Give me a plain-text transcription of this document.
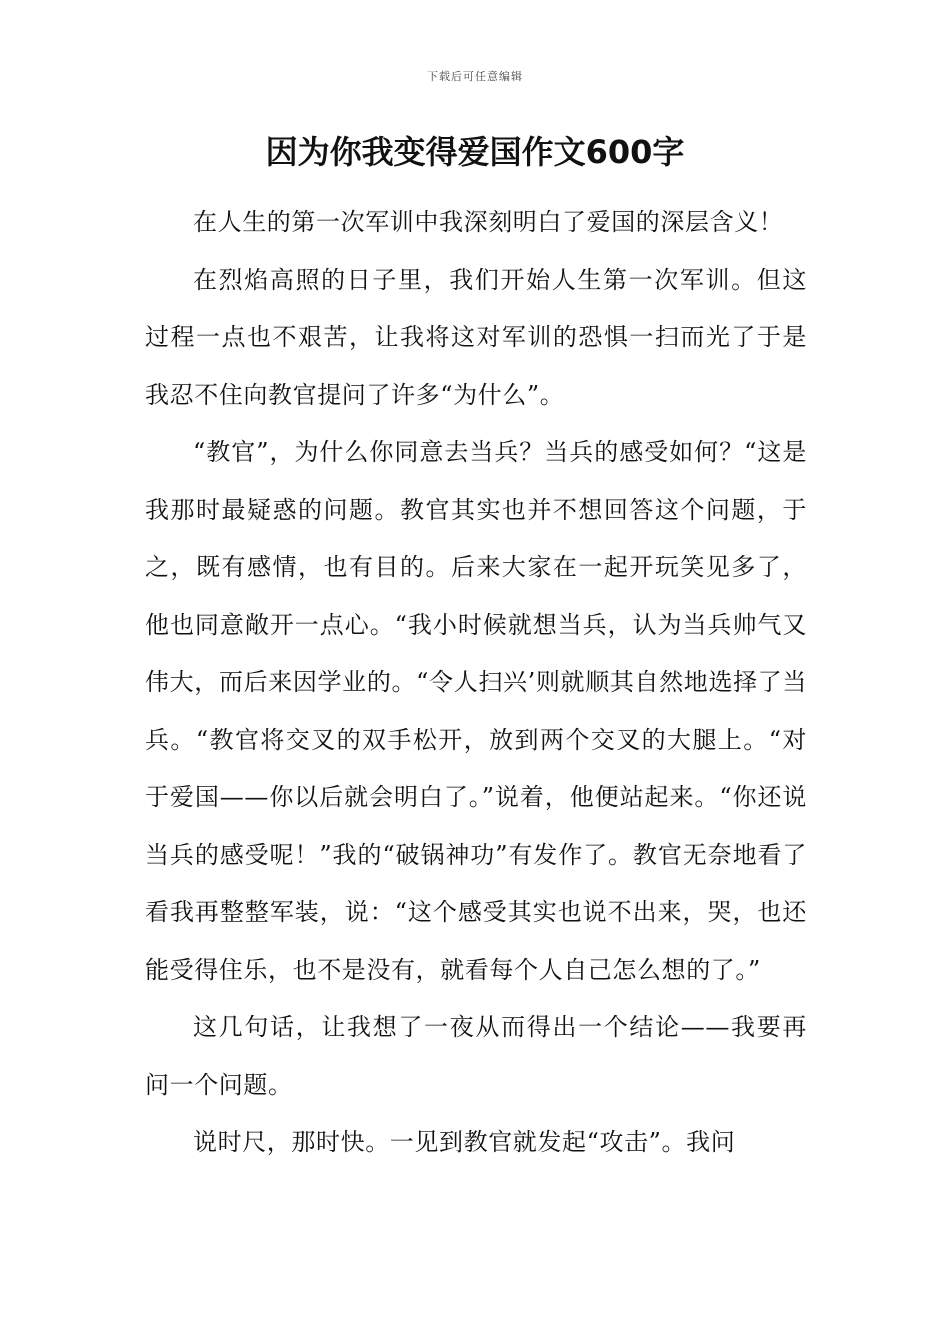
下载后可任意编辑
因为你我变得爱国作文600字

在人生的第一次军训中我深刻明白了爱国的深层含义！

在烈焰高照的日子里，我们开始人生第一次军训。但这过程一点也不艰苦，让我将这对军训的恐惧一扫而光了于是我忍不住向教官提问了许多“为什么”。

“教官”，为什么你同意去当兵？当兵的感受如何？“这是我那时最疑惑的问题。教官其实也并不想回答这个问题，于之，既有感情，也有目的。后来大家在一起开玩笑见多了，他也同意敞开一点心。“我小时候就想当兵，认为当兵帅气又伟大，而后来因学业的。“令人扫兴’则就顺其自然地选择了当兵。“教官将交叉的双手松开，放到两个交叉的大腿上。“对于爱国——你以后就会明白了。”说着，他便站起来。“你还说当兵的感受呢！”我的“破锅神功”有发作了。教官无奈地看了看我再整整军装，说：“这个感受其实也说不出来，哭，也还能受得住乐，也不是没有，就看每个人自己怎么想的了。”

这几句话，让我想了一夜从而得出一个结论——我要再问一个问题。

说时尺，那时快。一见到教官就发起“攻击”。我问
